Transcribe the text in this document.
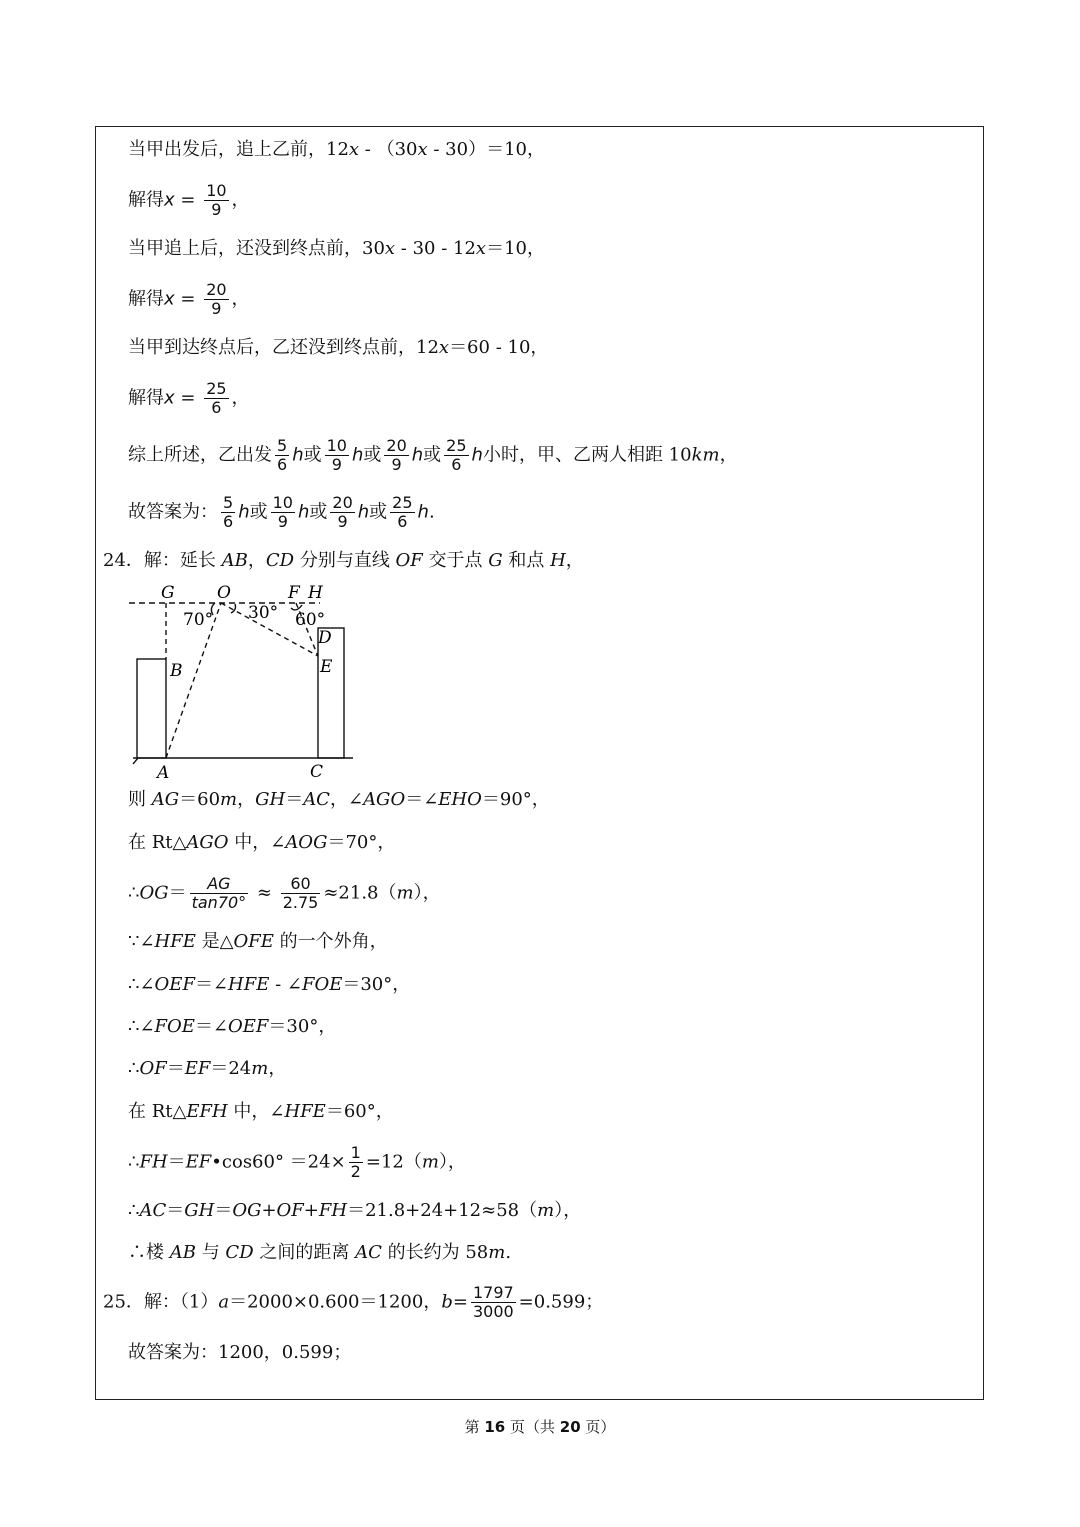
当甲出发后，追上乙前，12x - （30x - 30）＝10，
解得$x = \frac{10}{9}$ ，
当甲追上后，还没到终点前，30x - 30 - 12x＝10，
解得$x = \frac{20}{9}$ ，
当甲到达终点后，乙还没到终点前，12x＝60 - 10，
解得$x = \frac{25}{6}$ ，
综上所述，乙出发 $\frac{5}{6}$ h或 $\frac{10}{9}$ h或 $\frac{20}{9}$ h或 $\frac{25}{6}$ h小时，甲、乙两人相距 10km，
故答案为： $\frac{5}{6}$ h或 $\frac{10}{9}$ h或 $\frac{20}{9}$ h或 $\frac{25}{6} h$.
24．解：延长 AB，CD 分别与直线 OF 交于点 G 和点 H，
G O	F H
70° 30° 60°
D
E
B
A	C
则 AG＝60m，GH＝AC，∠AGO＝∠EHO＝90°，
在 Rt△AGO 中，∠AOG＝70°，
∴OG＝ $\frac{AG}{\tan 70^\circ} \approx \frac{60}{2.75} \approx 21.8(m)$，
∵∠HFE 是△OFE 的一个外角，
∴∠OEF＝∠HFE - ∠FOE＝30°，
∴∠FOE＝∠OEF＝30°，
∴OF＝EF＝24m，
在 Rt△EFH 中，∠HFE＝60°，
∴FH＝EF•cos60° $=24\times \frac{1}{2} =12(m)$，
∴AC＝GH＝OG+OF+FH＝21.8+24+12≈58（m），
∴楼 AB 与 CD 之间的距离 AC 的长约为 58m.
25．解：（1）a＝2000×0.600＝1200，$b= \frac{1797}{3000} =0.599$；
故答案为：1200，0.599；
第 16 页（共 20 页）
